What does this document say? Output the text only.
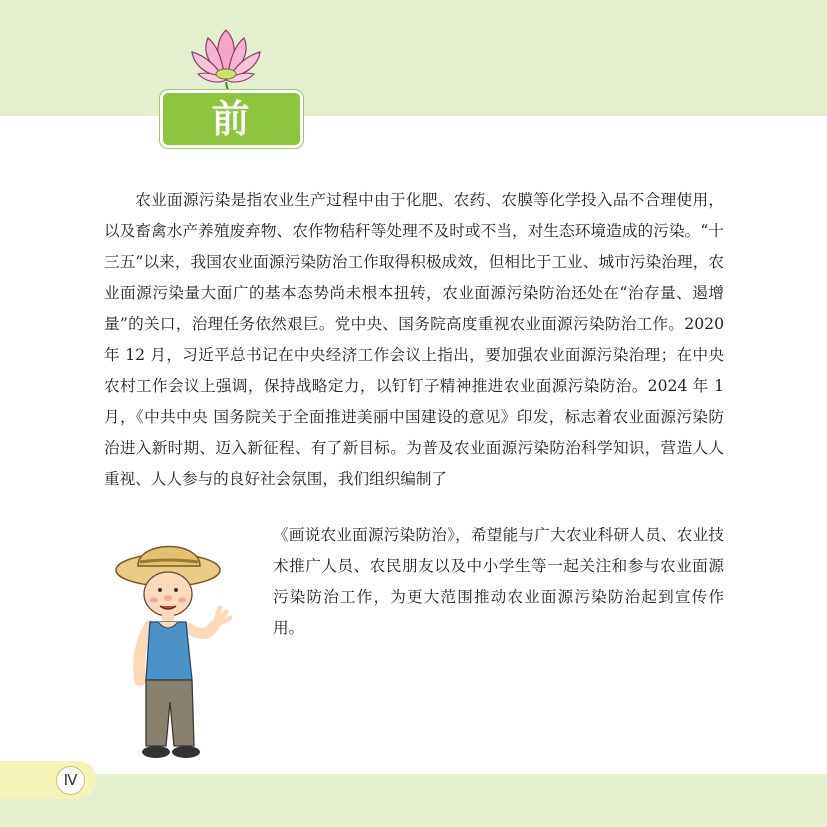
前 言

农业面源污染是指农业生产过程中由于化肥、农药、农膜等化学投入品不合理使用，以及畜禽水产养殖废弃物、农作物秸秆等处理不及时或不当，对生态环境造成的污染。“十三五”以来，我国农业面源污染防治工作取得积极成效，但相比于工业、城市污染治理，农业面源污染量大面广的基本态势尚未根本扭转，农业面源污染防治还处在“治存量、遏增量”的关口，治理任务依然艰巨。党中央、国务院高度重视农业面源污染防治工作。2020 年 12 月，习近平总书记在中央经济工作会议上指出，要加强农业面源污染治理；在中央农村工作会议上强调，保持战略定力，以钉钉子精神推进农业面源污染防治。2024 年 1 月，《中共中央 国务院关于全面推进美丽中国建设的意见》印发，标志着农业面源污染防治进入新时期、迈入新征程、有了新目标。为普及农业面源污染防治科学知识，营造人人重视、人人参与的良好社会氛围，我们组织编制了

《画说农业面源污染防治》，希望能与广大农业科研人员、农业技术推广人员、农民朋友以及中小学生等一起关注和参与农业面源污染防治工作，为更大范围推动农业面源污染防治起到宣传作用。
Ⅳ
